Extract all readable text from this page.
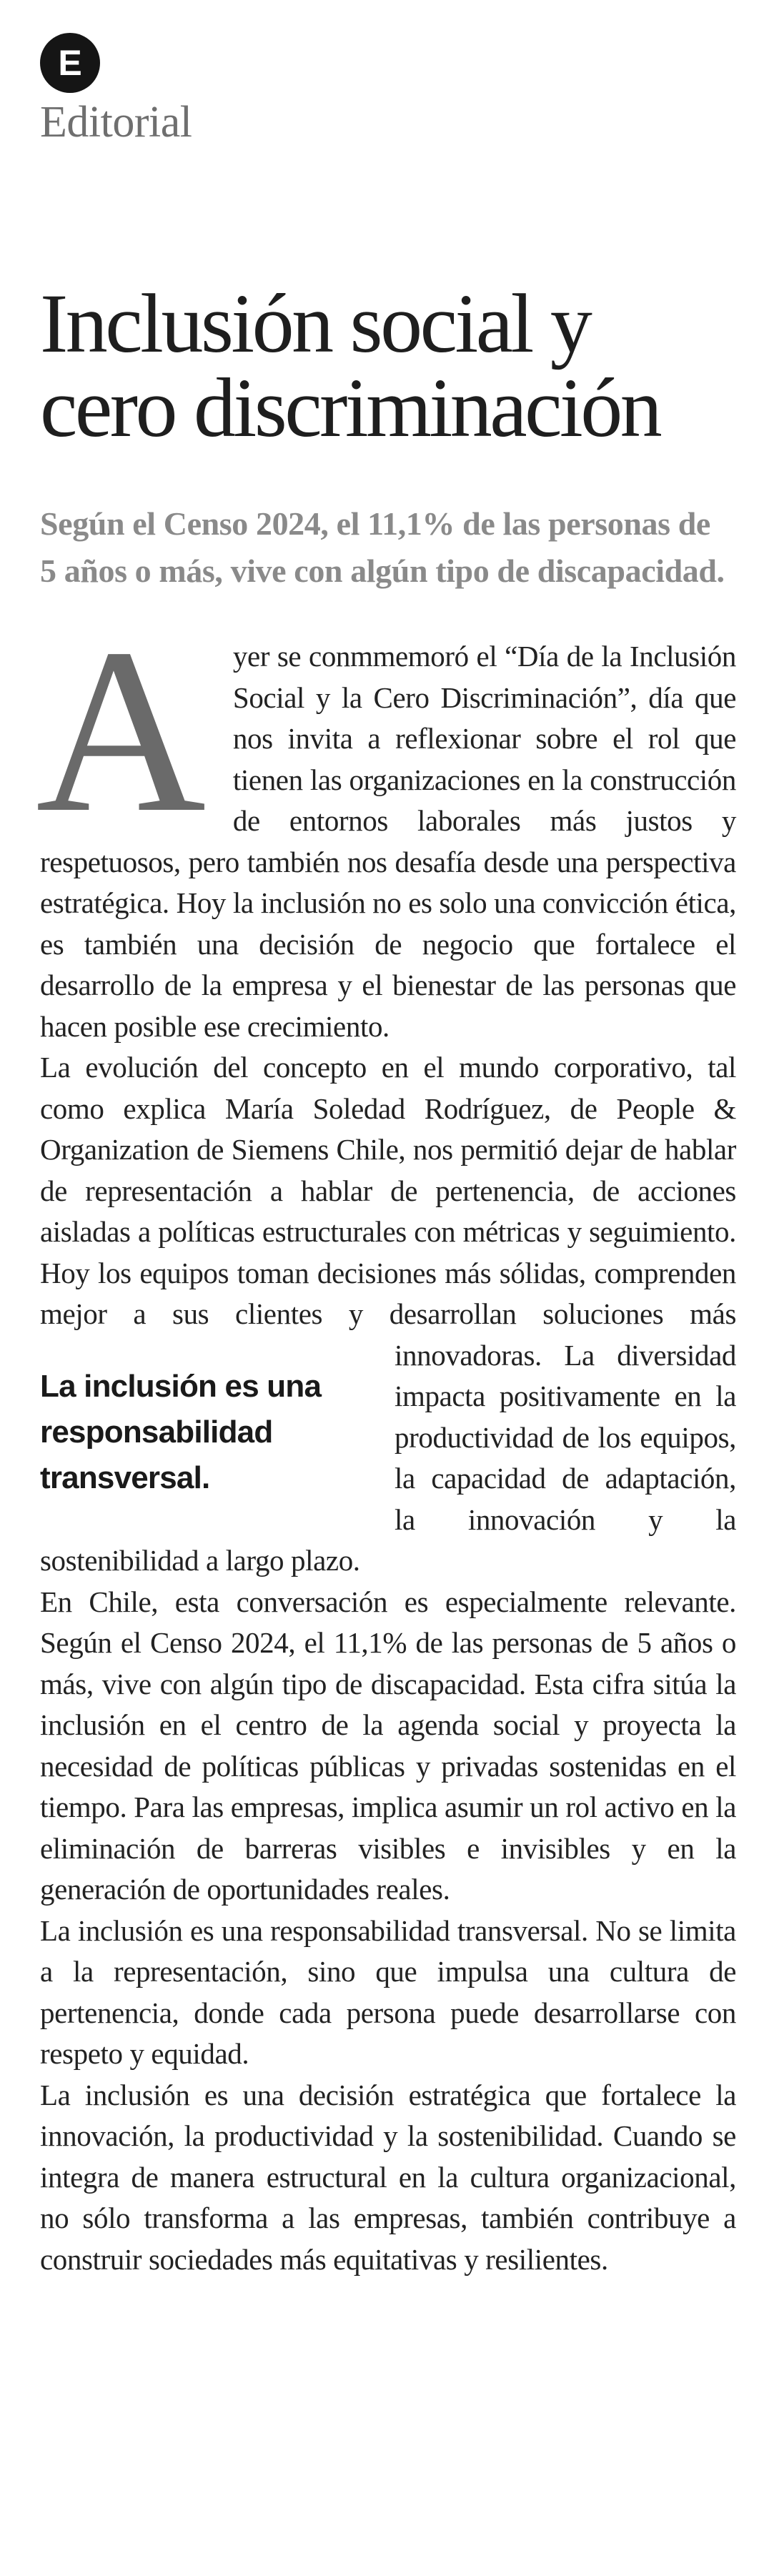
E
Editorial
Inclusión social y cero discriminación
Según el Censo 2024, el 11,1% de las personas de 5 años o más, vive con algún tipo de discapacidad.
A yer se conmmemoró el “Día de la Inclusión Social y la Cero Discriminación”, día que nos invita a reflexionar sobre el rol que tienen las organizaciones en la construcción de entornos laborales más justos y respetuosos, pero también nos desafía desde una perspectiva estratégica. Hoy la inclusión no es solo una convicción ética, es también una decisión de negocio que fortalece el desarrollo de la empresa y el bienestar de las personas que hacen posible ese crecimiento.

La evolución del concepto en el mundo corporativo, tal como explica María Soledad Rodríguez, de People & Organization de Siemens Chile, nos permitió dejar de hablar de representación a hablar de pertenencia, de acciones aisladas a políticas estructurales con métricas y seguimiento. Hoy los equipos toman decisiones más sólidas, comprenden mejor a sus clientes y desarrollan soluciones más innovadoras.
La inclusión es una responsabilidad transversal.
La diversidad impacta positivamente en la productividad de los equipos, la capacidad de adaptación, la innovación y la sostenibilidad a largo plazo.

En Chile, esta conversación es especialmente relevante. Según el Censo 2024, el 11,1% de las personas de 5 años o más, vive con algún tipo de discapacidad. Esta cifra sitúa la inclusión en el centro de la agenda social y proyecta la necesidad de políticas públicas y privadas sostenidas en el tiempo. Para las empresas, implica asumir un rol activo en la eliminación de barreras visibles e invisibles y en la generación de oportunidades reales.

La inclusión es una responsabilidad transversal. No se limita a la representación, sino que impulsa una cultura de pertenencia, donde cada persona puede desarrollarse con respeto y equidad.

La inclusión es una decisión estratégica que fortalece la innovación, la productividad y la sostenibilidad. Cuando se integra de manera estructural en la cultura organizacional, no sólo transforma a las empresas, también contribuye a construir sociedades más equitativas y resilientes.
